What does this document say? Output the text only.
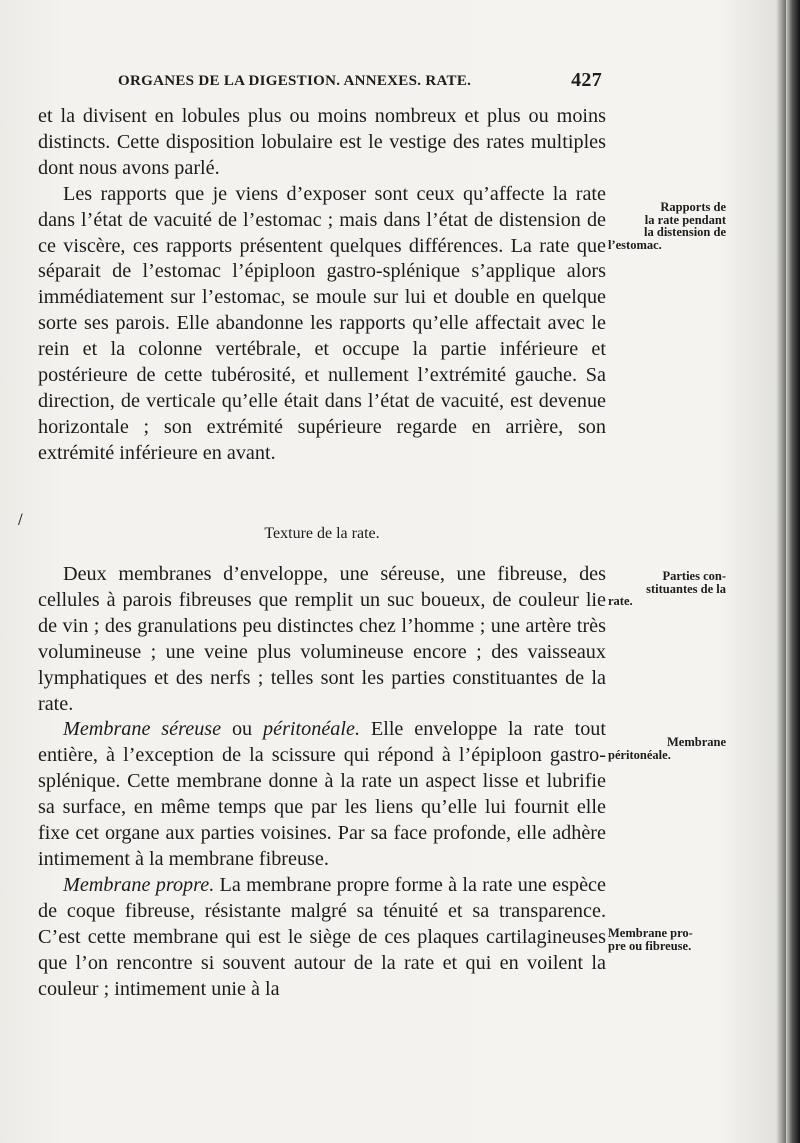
ORGANES DE LA DIGESTION. ANNEXES. RATE.	427

et la divisent en lobules plus ou moins nombreux et plus ou moins distincts. Cette disposition lobulaire est le vestige des rates multiples dont nous avons parlé.

Les rapports que je viens d’exposer sont ceux qu’affecte la rate dans l’état de vacuité de l’estomac ; mais dans l’état de distension de ce viscère, ces rapports présentent quelques différences. La rate que séparait de l’estomac l’épiploon gastro-splénique s’applique alors immédiatement sur l’estomac, se moule sur lui et double en quelque sorte ses parois. Elle abandonne les rapports qu’elle affectait avec le rein et la colonne vertébrale, et occupe la partie inférieure et postérieure de cette tubérosité, et nullement l’extrémité gauche. Sa direction, de verticale qu’elle était dans l’état de vacuité, est devenue horizontale ; son extrémité supérieure regarde en arrière, son extrémité inférieure en avant.

/
Texture de la rate.

Deux membranes d’enveloppe, une séreuse, une fibreuse, des cellules à parois fibreuses que remplit un suc boueux, de couleur lie de vin ; des granulations peu distinctes chez l’homme ; une artère très volumineuse ; une veine plus volumineuse encore ; des vaisseaux lymphatiques et des nerfs ; telles sont les parties constituantes de la rate.

Membrane séreuse ou péritonéale. Elle enveloppe la rate tout entière, à l’exception de la scissure qui répond à l’épiploon gastro-splénique. Cette membrane donne à la rate un aspect lisse et lubrifie sa surface, en même temps que par les liens qu’elle lui fournit elle fixe cet organe aux parties voisines. Par sa face profonde, elle adhère intimement à la membrane fibreuse.

Membrane propre. La membrane propre forme à la rate une espèce de coque fibreuse, résistante malgré sa ténuité et sa transparence. C’est cette membrane qui est le siège de ces plaques cartilagineuses que l’on rencontre si souvent autour de la rate et qui en voilent la couleur ; intimement unie à la

Rapports de
la rate pendant
la distension de
l’estomac.
Parties con-
stituantes de la
rate.
Membrane
péritonéale.
Membrane pro-
pre ou fibreuse.
